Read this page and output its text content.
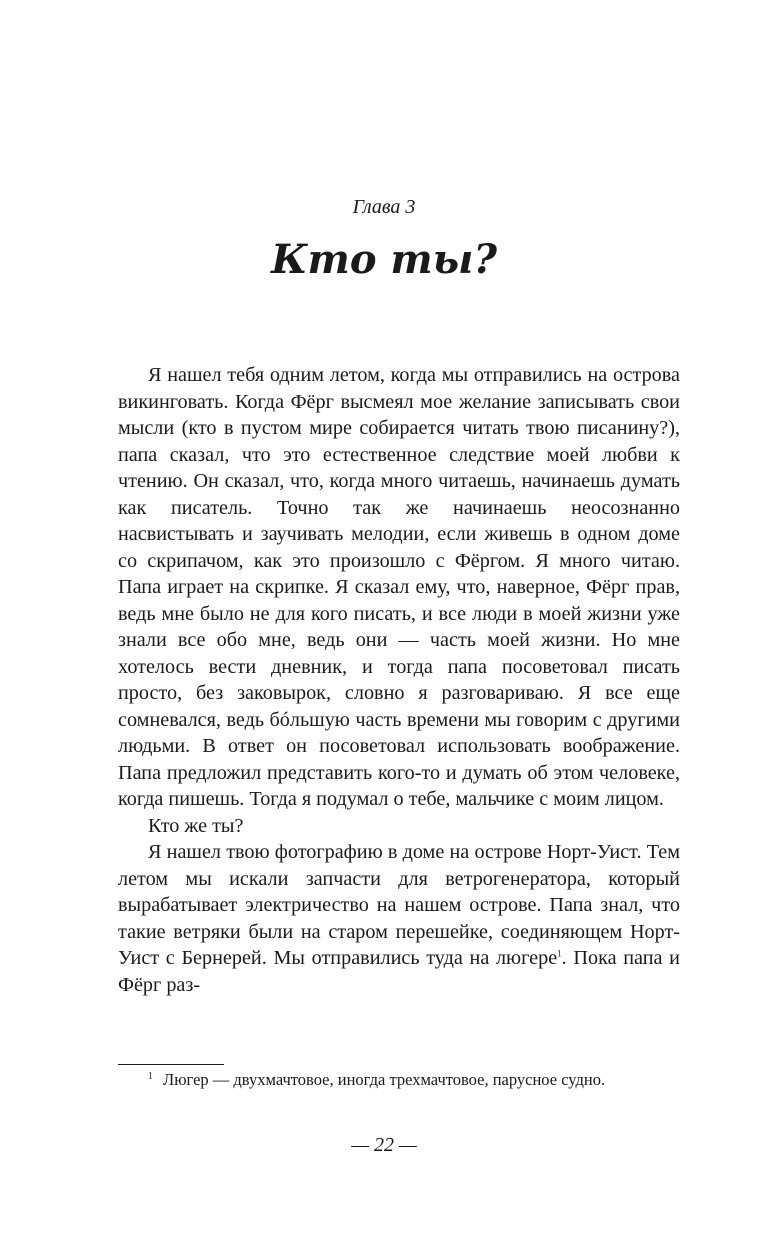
Глава 3
Кто ты?

Я нашел тебя одним летом, когда мы отправились на острова викинговать. Когда Фёрг высмеял мое желание записывать свои мысли (кто в пустом мире собирается читать твою писанину?), папа сказал, что это естественное следствие моей любви к чтению. Он сказал, что, когда много читаешь, начинаешь думать как писатель. Точно так же начинаешь неосознанно насвистывать и заучивать мелодии, если живешь в одном доме со скрипачом, как это произошло с Фёргом. Я много читаю. Папа играет на скрипке. Я сказал ему, что, наверное, Фёрг прав, ведь мне было не для кого писать, и все люди в моей жизни уже знали все обо мне, ведь они — часть моей жизни. Но мне хотелось вести дневник, и тогда папа посоветовал писать просто, без заковырок, словно я разговариваю. Я все еще сомневался, ведь бóльшую часть времени мы говорим с другими людьми. В ответ он посоветовал использовать воображение. Папа предложил представить кого-то и думать об этом человеке, когда пишешь. Тогда я подумал о тебе, мальчике с моим лицом.

Кто же ты?

Я нашел твою фотографию в доме на острове Норт-Уист. Тем летом мы искали запчасти для ветрогенератора, который вырабатывает электричество на нашем острове. Папа знал, что такие ветряки были на старом перешейке, соединяющем Норт-Уист с Бернерей. Мы отправились туда на люгере$^1$. Пока папа и Фёрг раз-

$^1$ Люгер — двухмачтовое, иногда трехмачтовое, парусное судно.
— 22 —
